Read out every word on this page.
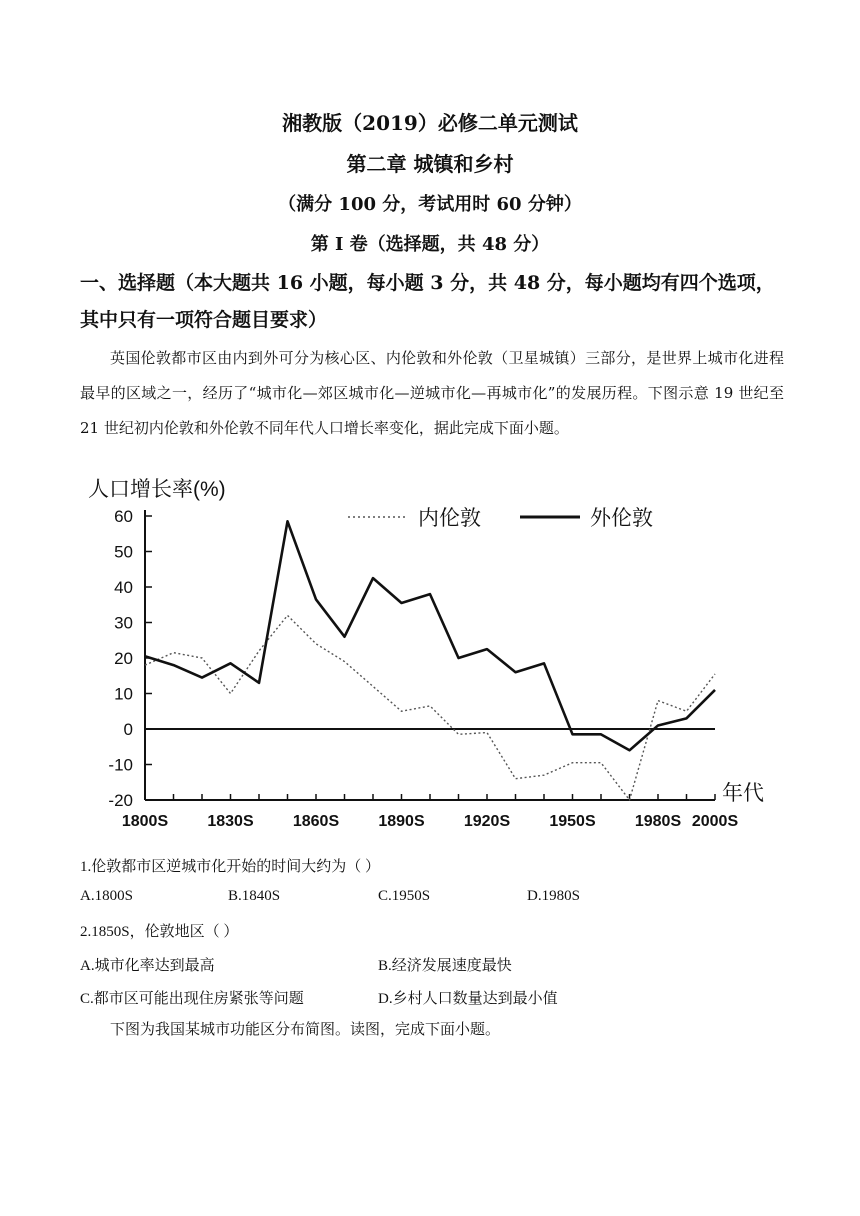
湘教版（2019）必修二单元测试
第二章 城镇和乡村
（满分 100 分，考试用时 60 分钟）
第 I 卷（选择题，共 48 分）
一、选择题（本大题共 16 小题，每小题 3 分，共 48 分，每小题均有四个选项，其中只有一项符合题目要求）
英国伦敦都市区由内到外可分为核心区、内伦敦和外伦敦（卫星城镇）三部分，是世界上城市化进程最早的区域之一，经历了“城市化—郊区城市化—逆城市化—再城市化”的发展历程。下图示意 19 世纪至 21 世纪初内伦敦和外伦敦不同年代人口增长率变化，据此完成下面小题。
60
50
40
30
20
10
0
-10
-20
1800S 1830S 1860S 1890S 1920S 1950S 1980S 2000S
人口增长率(%)
年代
内伦敦	外伦敦
1.伦敦都市区逆城市化开始的时间大约为（ ）
A.1800S	B.1840S	C.1950S	D.1980S
2.1850S，伦敦地区（ ）
A.城市化率达到最高	B.经济发展速度最快
C.都市区可能出现住房紧张等问题	D.乡村人口数量达到最小值
下图为我国某城市功能区分布简图。读图，完成下面小题。
